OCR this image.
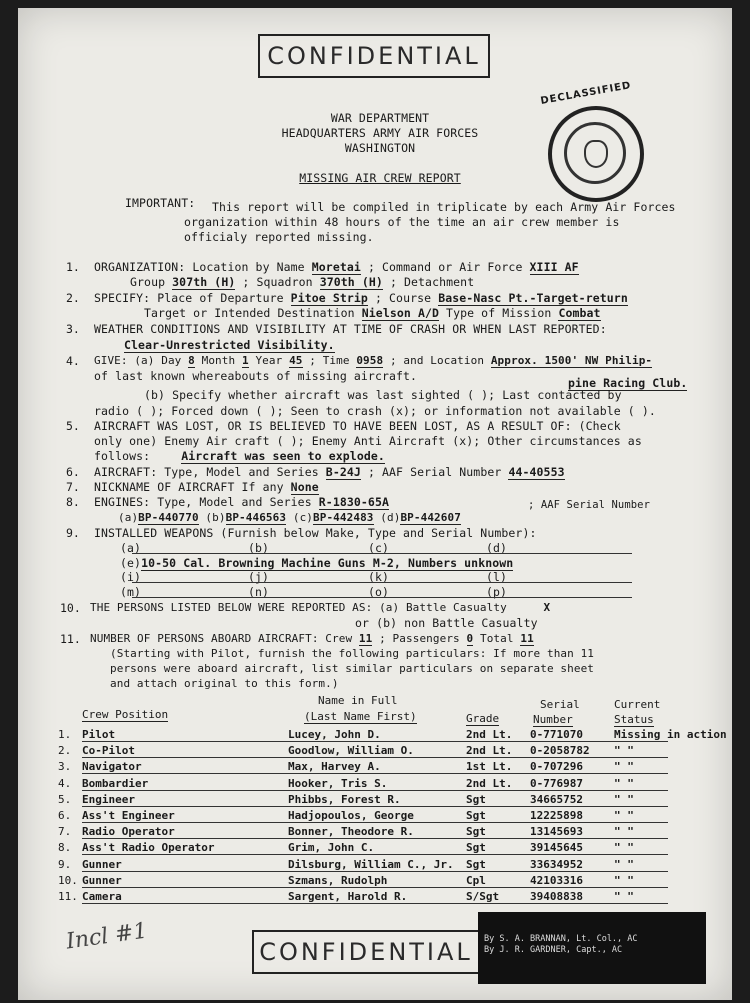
CONFIDENTIAL
DECLASSIFIED
WAR DEPARTMENT
HEADQUARTERS ARMY AIR FORCES
WASHINGTON
MISSING AIR CREW REPORT
IMPORTANT: This report will be compiled in triplicate by each Army Air Forces
organization within 48 hours of the time an air crew member is
officialy reported missing.
1. ORGANIZATION: Location by Name Moretai ; Command or Air Force XIII AF
Group 307th (H) ; Squadron 370th (H) ; Detachment
2. SPECIFY: Place of Departure Pitoe Strip ; Course Base-Nasc Pt.-Target-return
Target or Intended Destination Nielson A/D Type of Mission Combat
3. WEATHER CONDITIONS AND VISIBILITY AT TIME OF CRASH OR WHEN LAST REPORTED:
Clear-Unrestricted Visibility.
4. GIVE: (a) Day 8 Month 1 Year 45 ; Time 0958 ; and Location Approx. 1500' NW Philip-
of last known whereabouts of missing aircraft.	pine Racing Club.
(b) Specify whether aircraft was last sighted ( ); Last contacted by
radio ( ); Forced down ( ); Seen to crash (x); or information not available ( ).
5. AIRCRAFT WAS LOST, OR IS BELIEVED TO HAVE BEEN LOST, AS A RESULT OF: (Check
only one) Enemy Air craft ( ); Enemy Anti Aircraft (x); Other circumstances as
follows:	Aircraft was seen to explode.
6. AIRCRAFT: Type, Model and Series B-24J ; AAF Serial Number 44-40553
7. NICKNAME OF AIRCRAFT If any None
8. ENGINES: Type, Model and Series R-1830-65A	; AAF Serial Number
(a)BP-440770 (b)BP-446563 (c)BP-442483 (d)BP-442607
9. INSTALLED WEAPONS (Furnish below Make, Type and Serial Number):
(a)	(b)	(c)	(d)
(e)10-50 Cal. Browning Machine Guns M-2, Numbers unknown
(i)	(j)	(k)	(l)
(m)	(n)	(o)	(p)
10. THE PERSONS LISTED BELOW WERE REPORTED AS: (a) Battle Casualty	X
or (b) non Battle Casualty
11. NUMBER OF PERSONS ABOARD AIRCRAFT: Crew 11 ; Passengers 0 Total 11
(Starting with Pilot, furnish the following particulars: If more than 11
persons were aboard aircraft, list similar particulars on separate sheet
and attach original to this form.)
Name in Full	Serial	Current
Crew Position	(Last Name First)	Grade	Number	Status
1. Pilot	Lucey, John D.	2nd Lt. 0-771070	Missing in action
2. Co-Pilot	Goodlow, William O.	2nd Lt. 0-2058782 " "
3. Navigator	Max, Harvey A.	1st Lt. 0-707296	" "
4. Bombardier	Hooker, Tris S.	2nd Lt. 0-776987	" "
5. Engineer	Phibbs, Forest R.	Sgt	34665752	" "
6. Ass't Engineer	Hadjopoulos, George	Sgt	12225898	" "
7. Radio Operator	Bonner, Theodore R.	Sgt	13145693	" "
8. Ass't Radio Operator	Grim, John C.	Sgt	39145645	" "
9. Gunner	Dilsburg, William C., Jr. Sgt	33634952	" "
10. Gunner	Szmans, Rudolph	Cpl	42103316	" "
11. Camera	Sargent, Harold R.	S/Sgt	39408838	" "
CONFIDENTIAL	By S. A. BRANNAN, Lt. Col., AC
By J. R. GARDNER, Capt., AC
Incl #1
